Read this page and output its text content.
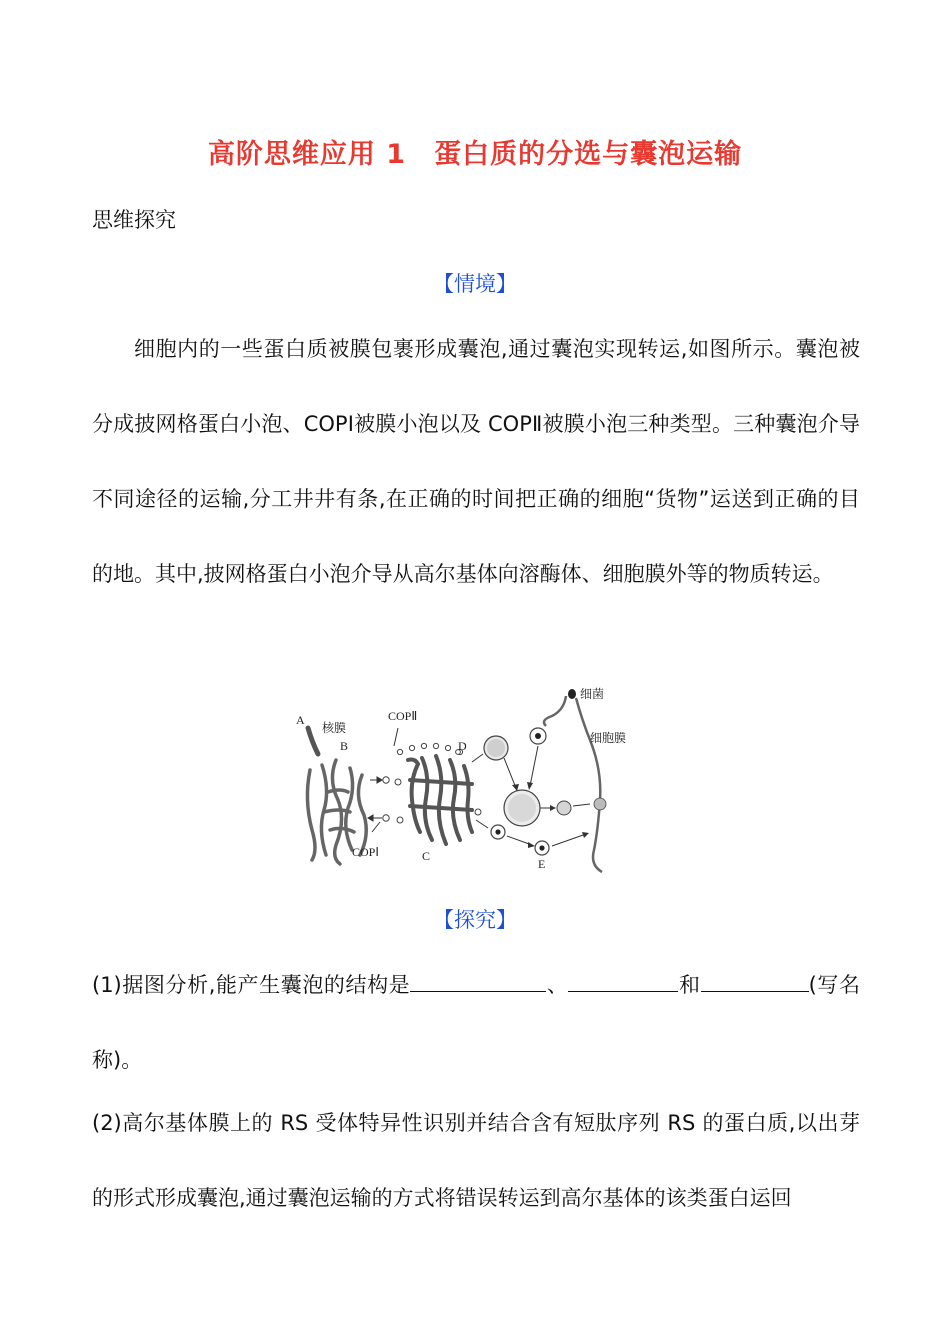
高阶思维应用 1　蛋白质的分选与囊泡运输
思维探究
【情境】

细胞内的一些蛋白质被膜包裹形成囊泡,通过囊泡实现转运,如图所示。囊泡被分成披网格蛋白小泡、COPⅠ被膜小泡以及 COPⅡ被膜小泡三种类型。三种囊泡介导不同途径的运输,分工井井有条,在正确的时间把正确的细胞“货物”运送到正确的目的地。其中,披网格蛋白小泡介导从高尔基体向溶酶体、细胞膜外等的物质转运。

A
核膜
B
COPⅡ
COPⅠ	C
D
E
细菌
细胞膜
【探究】

(1)据图分析,能产生囊泡的结构是	、	和	(写名称)。

(2)高尔基体膜上的 RS 受体特异性识别并结合含有短肽序列 RS 的蛋白质,以出芽的形式形成囊泡,通过囊泡运输的方式将错误转运到高尔基体的该类蛋白运回
